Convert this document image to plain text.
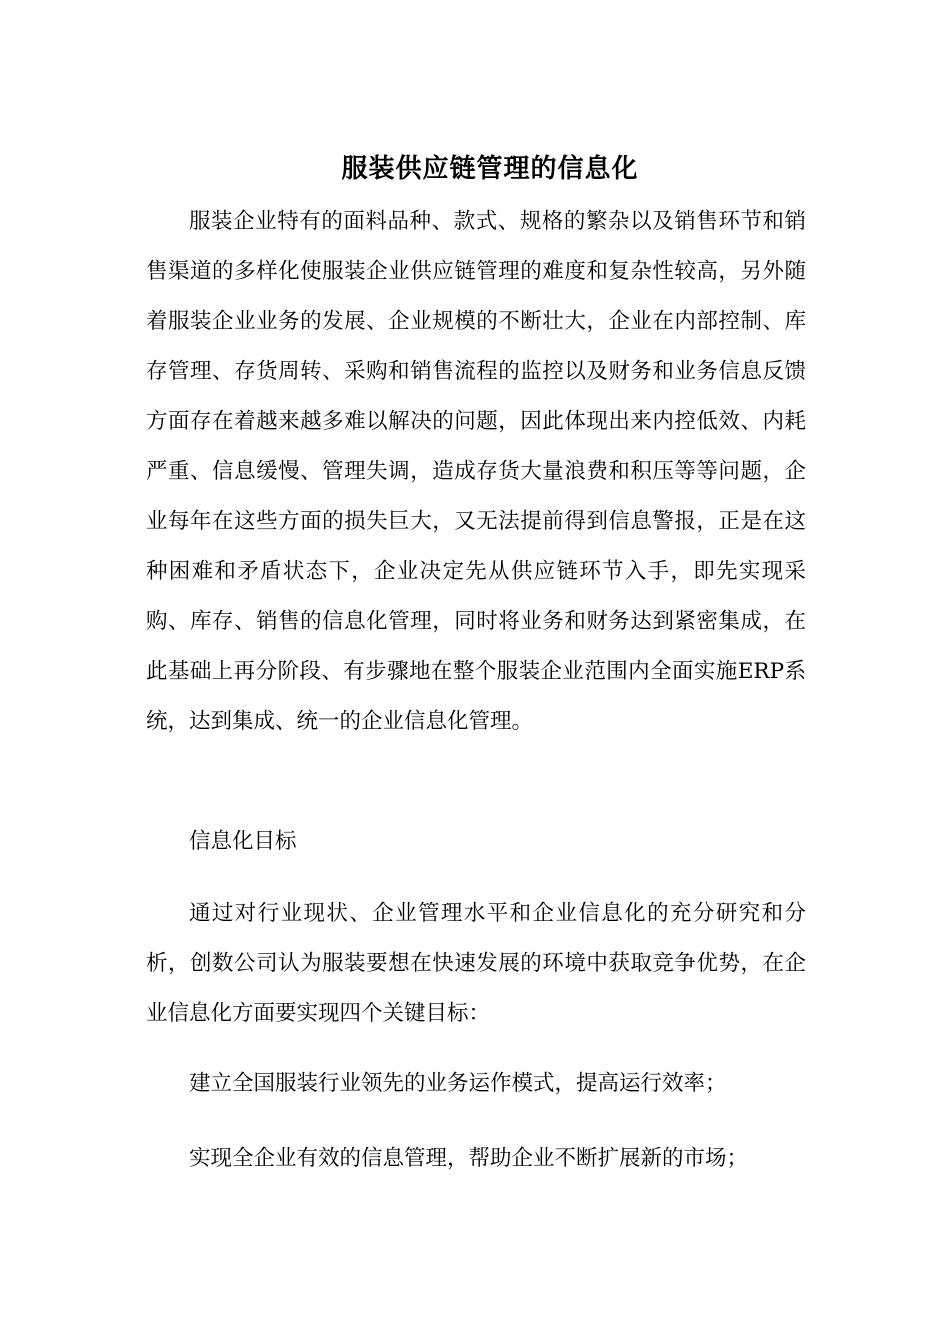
服装供应链管理的信息化

服装企业特有的面料品种、款式、规格的繁杂以及销售环节和销售渠道的多样化使服装企业供应链管理的难度和复杂性较高，另外随着服装企业业务的发展、企业规模的不断壮大，企业在内部控制、库存管理、存货周转、采购和销售流程的监控以及财务和业务信息反馈方面存在着越来越多难以解决的问题，因此体现出来内控低效、内耗严重、信息缓慢、管理失调，造成存货大量浪费和积压等等问题，企业每年在这些方面的损失巨大，又无法提前得到信息警报，正是在这种困难和矛盾状态下，企业决定先从供应链环节入手，即先实现采购、库存、销售的信息化管理，同时将业务和财务达到紧密集成，在此基础上再分阶段、有步骤地在整个服装企业范围内全面实施ERP系统，达到集成、统一的企业信息化管理。

信息化目标

通过对行业现状、企业管理水平和企业信息化的充分研究和分析，创数公司认为服装要想在快速发展的环境中获取竞争优势，在企业信息化方面要实现四个关键目标：

建立全国服装行业领先的业务运作模式，提高运行效率；

实现全企业有效的信息管理，帮助企业不断扩展新的市场；
